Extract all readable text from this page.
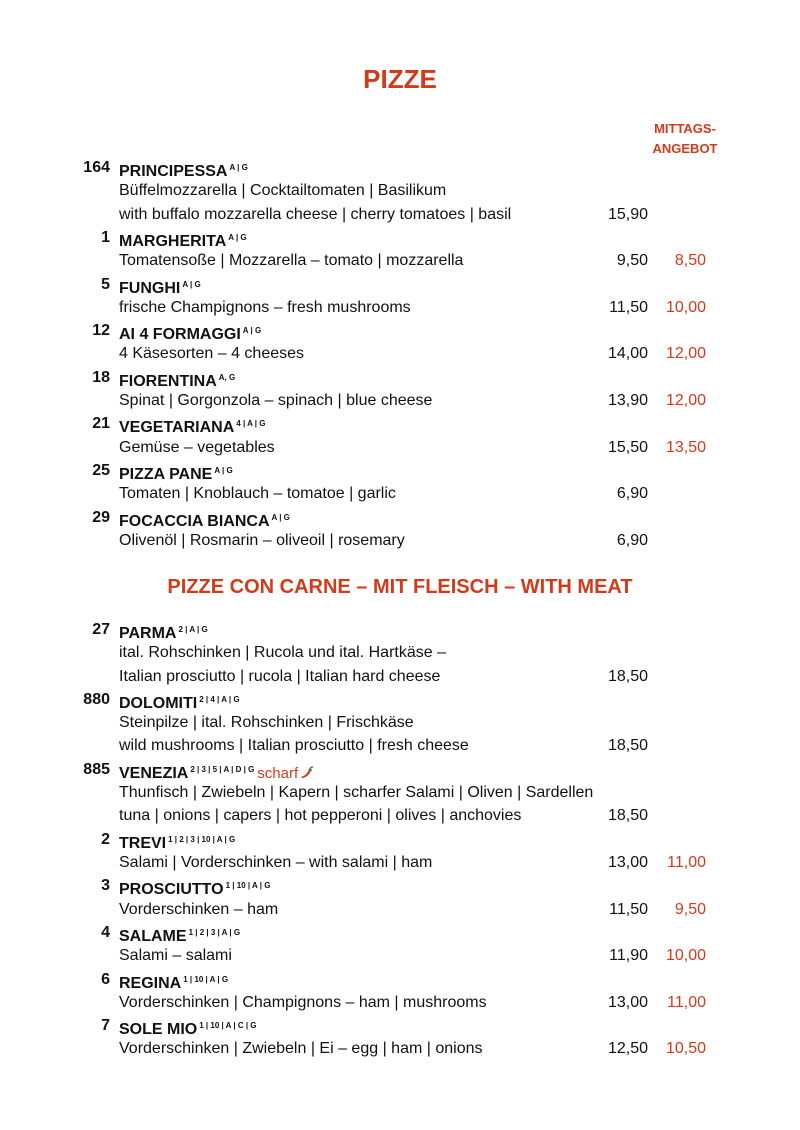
PIZZE
MITTAGS-
ANGEBOT
164 PRINCIPESSA $^{A | G}$
Büffelmozzarella | Cocktailtomaten | Basilikum
with buffalo mozzarella cheese | cherry tomatoes | basil	15,90
1 MARGHERITA $^{A | G}$
Tomatensoße | Mozzarella – tomato | mozzarella	9,50	8,50
5 FUNGHI $^{A | G}$
frische Champignons – fresh mushrooms	11,50	10,00
12 AI 4 FORMAGGI $^{A | G}$
4 Käsesorten – 4 cheeses	14,00	12,00
18 FIORENTINA $^{A, G}$
Spinat | Gorgonzola – spinach | blue cheese	13,90	12,00
21 VEGETARIANA $^{4 | A | G}$
Gemüse – vegetables	15,50	13,50
25 PIZZA PANE $^{A | G}$
Tomaten | Knoblauch – tomatoe | garlic	6,90
29 FOCACCIA BIANCA $^{A | G}$
Olivenöl | Rosmarin – oliveoil | rosemary	6,90
PIZZE CON CARNE – MIT FLEISCH – WITH MEAT
27 PARMA $^{2 | A | G}$
ital. Rohschinken | Rucola und ital. Hartkäse –
Italian prosciutto | rucola | Italian hard cheese	18,50
880 DOLOMITI $^{2 | 4 | A | G}$
Steinpilze | ital. Rohschinken | Frischkäse
wild mushrooms | Italian prosciutto | fresh cheese	18,50
885 VENEZIA $^{2 | 3 | 5 | A | D | G}$ scharf
Thunfisch | Zwiebeln | Kapern | scharfer Salami | Oliven | Sardellen
tuna | onions | capers | hot pepperoni | olives | anchovies	18,50
2 TREVI $^{1 | 2 | 3 | 10 | A | G}$
Salami | Vorderschinken – with salami | ham	13,00	11,00
3 PROSCIUTTO $^{1 | 10 | A | G}$
Vorderschinken – ham	11,50	9,50
4 SALAME $^{1 | 2 | 3 | A | G}$
Salami – salami	11,90	10,00
6 REGINA $^{1 | 10 | A | G}$
Vorderschinken | Champignons – ham | mushrooms	13,00	11,00
7 SOLE MIO $^{1 | 10 | A | C | G}$
Vorderschinken | Zwiebeln | Ei – egg | ham | onions	12,50	10,50
